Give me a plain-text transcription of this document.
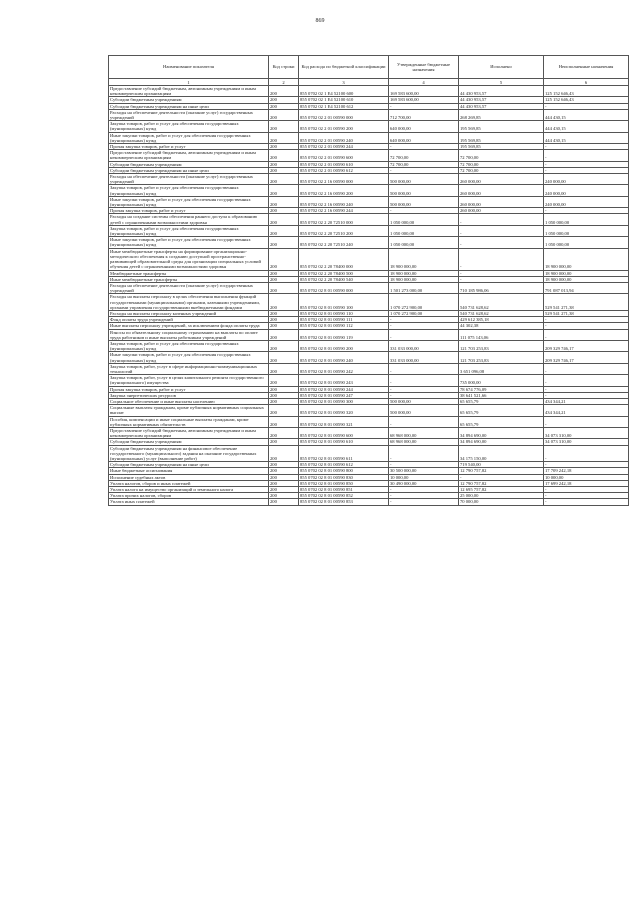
869
Наименование показателя	Код строки	Код расхода по бюджетной классификации	Утвержденные бюджетные назначения	Исполнено	Неисполненные назначения
1	2	3	4	5	6
Предоставление субсидий бюджетным, автономным учреждениям и иным некоммерческим организациям	200	855 0702 02 1 Е4 52100 600	169 583 600,00	44 430 953,57	125 152 646,43
Субсидии бюджетным учреждениям	200	855 0702 02 1 Е4 52100 610	169 583 600,00	44 430 953,57	125 152 646,43
Субсидии бюджетным учреждениям на иные цели	200	855 0702 02 1 Е4 52100 612	-	44 430 953,57	-
Расходы на обеспечение деятельности (оказание услуг) государственных учреждений	200	855 0702 02 2 01 00590 000	712 700,00	268 269,85	444 430,15
Закупка товаров, работ и услуг для обеспечения государственных (муниципальных) нужд	200	855 0702 02 2 01 00590 200	640 000,00	195 569,85	444 430,15
Иные закупки товаров, работ и услуг для обеспечения государственных (муниципальных) нужд	200	855 0702 02 2 01 00590 240	640 000,00	195 569,85	444 430,15
Прочая закупка товаров, работ и услуг	200	855 0702 02 2 01 00590 244	-	195 569,85	-
Предоставление субсидий бюджетным, автономным учреждениям и иным некоммерческим организациям	200	855 0702 02 2 01 00590 600	72 700,00	72 700,00	-
Субсидии бюджетным учреждениям	200	855 0702 02 2 01 00590 610	72 700,00	72 700,00	-
Субсидии бюджетным учреждениям на иные цели	200	855 0702 02 2 01 00590 612	-	72 700,00	-
Расходы на обеспечение деятельности (оказание услуг) государственных учреждений	200	855 0702 02 2 16 00590 000	500 000,00	260 000,00	240 000,00
Закупка товаров, работ и услуг для обеспечения государственных (муниципальных) нужд	200	855 0702 02 2 16 00590 200	500 000,00	260 000,00	240 000,00
Иные закупки товаров, работ и услуг для обеспечения государственных (муниципальных) нужд	200	855 0702 02 2 16 00590 240	500 000,00	260 000,00	240 000,00
Прочая закупка товаров, работ и услуг	200	855 0702 02 2 16 00590 244	-	260 000,00	-
Расходы на создание системы обеспечения раннего доступа к образованию детей с ограниченными возможностями здоровья	200	855 0702 02 2 20 72510 000	1 050 000,00	-	1 050 000,00
Закупка товаров, работ и услуг для обеспечения государственных (муниципальных) нужд	200	855 0702 02 2 20 72510 200	1 050 000,00	-	1 050 000,00
Иные закупки товаров, работ и услуг для обеспечения государственных (муниципальных) нужд	200	855 0702 02 2 20 72510 240	1 050 000,00	-	1 050 000,00
Иные межбюджетные трансферты на формирование организационно-методического обеспечения к созданию доступной пространственно-развивающей образовательной среды для организации специальных условий обучения детей с ограниченными возможностями здоровья	200	855 0702 02 2 20 78400 000	18 900 000,00	-	18 900 000,00
Межбюджетные трансферты	200	855 0702 02 2 20 78400 500	18 900 000,00	-	18 900 000,00
Иные межбюджетные трансферты	200	855 0702 02 2 20 78400 540	18 900 000,00	-	18 900 000,00
Расходы на обеспечение деятельности (оказание услуг) государственных учреждений	200	855 0702 02 8 01 00590 000	1 501 273 000,00	710 185 986,06	791 087 013,94
Расходы на выплаты персоналу в целях обеспечения выполнения функций государственными (муниципальными) органами, казенными учреждениями, органами управления государственными внебюджетными фондами	200	855 0702 02 8 01 00590 100	1 070 272 900,00	540 731 628,62	529 541 271,38
Расходы на выплаты персоналу казенных учреждений	200	855 0702 02 8 01 00590 110	1 070 272 900,00	540 731 628,62	529 541 271,38
Фонд оплаты труда учреждений	200	855 0702 02 8 01 00590 111	-	429 612 385,18	-
Иные выплаты персоналу учреждений, за исключением фонда оплаты труда	200	855 0702 02 8 01 00590 112	-	44 302,38	-
Взносы по обязательному социальному страхованию на выплаты по оплате труда работников и иные выплаты работникам учреждений	200	855 0702 02 8 01 00590 119	-	111 075 143,06	-
Закупка товаров, работ и услуг для обеспечения государственных (муниципальных) нужд	200	855 0702 02 8 01 00590 200	331 033 000,00	121 703 253,83	209 329 746,17
Иные закупки товаров, работ и услуг для обеспечения государственных (муниципальных) нужд	200	855 0702 02 8 01 00590 240	331 033 000,00	121 703 253,83	209 329 746,17
Закупка товаров, работ, услуг в сфере информационно-коммуникационных технологий	200	855 0702 02 8 01 00590 242	-	3 651 096,08	-
Закупка товаров, работ, услуг в целях капитального ремонта государственного (муниципального) имущества	200	855 0702 02 8 01 00590 243	-	735 000,00	-
Прочая закупка товаров, работ и услуг	200	855 0702 02 8 01 00590 244	-	78 674 776,09	-
Закупка энергетических ресурсов	200	855 0702 02 8 01 00590 247	-	38 641 521,66	-
Социальное обеспечение и иные выплаты населению	200	855 0702 02 8 01 00590 300	500 000,00	65 655,79	434 344,21
Социальные выплаты гражданам, кроме публичных нормативных социальных выплат	200	855 0702 02 8 01 00590 320	500 000,00	65 655,79	434 344,21
Пособия, компенсации и иные социальные выплаты гражданам, кроме публичных нормативных обязательств	200	855 0702 02 8 01 00590 321	-	65 655,79	-
Предоставление субсидий бюджетным, автономным учреждениям и иным некоммерческим организациям	200	855 0702 02 8 01 00590 600	68 968 000,00	34 894 690,00	34 073 310,00
Субсидии бюджетным учреждениям	200	855 0702 02 8 01 00590 610	68 968 000,00	34 894 690,00	34 073 310,00
Субсидии бюджетным учреждениям на финансовое обеспечение государственного (муниципального) задания на оказание государственных (муниципальных) услуг (выполнение работ)	200	855 0702 02 8 01 00590 611	-	34 175 150,00	-
Субсидии бюджетным учреждениям на иные цели	200	855 0702 02 8 01 00590 612	-	719 540,00	-
Иные бюджетные ассигнования	200	855 0702 02 8 01 00590 800	30 500 000,00	12 790 757,82	17 709 242,18
Исполнение судебных актов	200	855 0702 02 8 01 00590 830	10 000,00	-	10 000,00
Уплата налогов, сборов и иных платежей	200	855 0702 02 8 01 00590 850	30 490 000,00	12 790 757,82	17 699 242,18
Уплата налога на имущество организаций и земельного налога	200	855 0702 02 8 01 00590 851	-	12 695 757,82	-
Уплата прочих налогов, сборов	200	855 0702 02 8 01 00590 852	-	25 000,00	-
Уплата иных платежей	200	855 0702 02 8 01 00590 853	-	70 000,00	-
